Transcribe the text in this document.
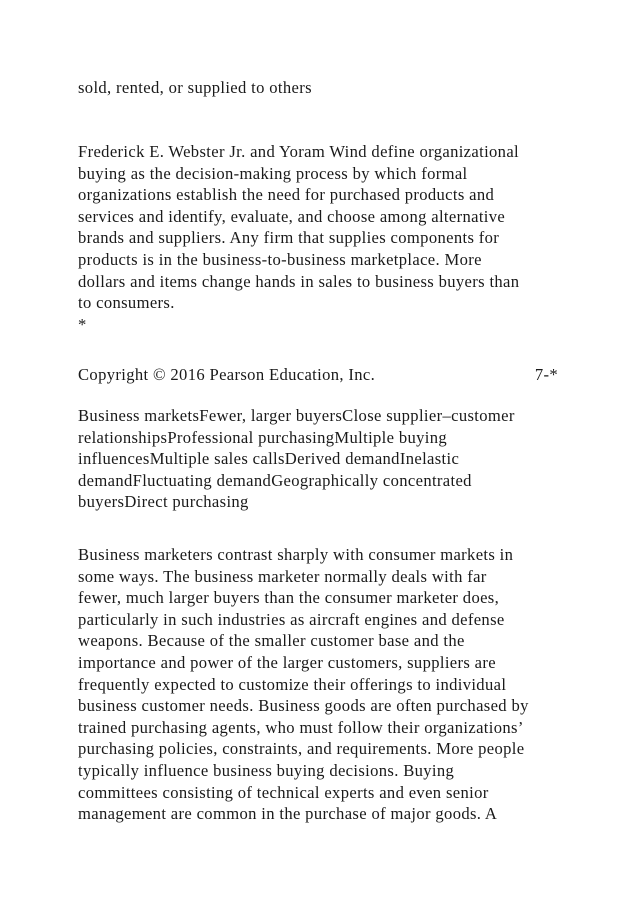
sold, rented, or supplied to others
Frederick E. Webster Jr. and Yoram Wind define organizational
buying as the decision-making process by which formal
organizations establish the need for purchased products and
services and identify, evaluate, and choose among alternative
brands and suppliers. Any firm that supplies components for
products is in the business-to-business marketplace. More
dollars and items change hands in sales to business buyers than
to consumers.
*
Copyright © 2016 Pearson Education, Inc.	7-*
Business marketsFewer, larger buyersClose supplier–customer
relationshipsProfessional purchasingMultiple buying
influencesMultiple sales callsDerived demandInelastic
demandFluctuating demandGeographically concentrated
buyersDirect purchasing
Business marketers contrast sharply with consumer markets in
some ways. The business marketer normally deals with far
fewer, much larger buyers than the consumer marketer does,
particularly in such industries as aircraft engines and defense
weapons. Because of the smaller customer base and the
importance and power of the larger customers, suppliers are
frequently expected to customize their offerings to individual
business customer needs. Business goods are often purchased by
trained purchasing agents, who must follow their organizations’
purchasing policies, constraints, and requirements. More people
typically influence business buying decisions. Buying
committees consisting of technical experts and even senior
management are common in the purchase of major goods. A
